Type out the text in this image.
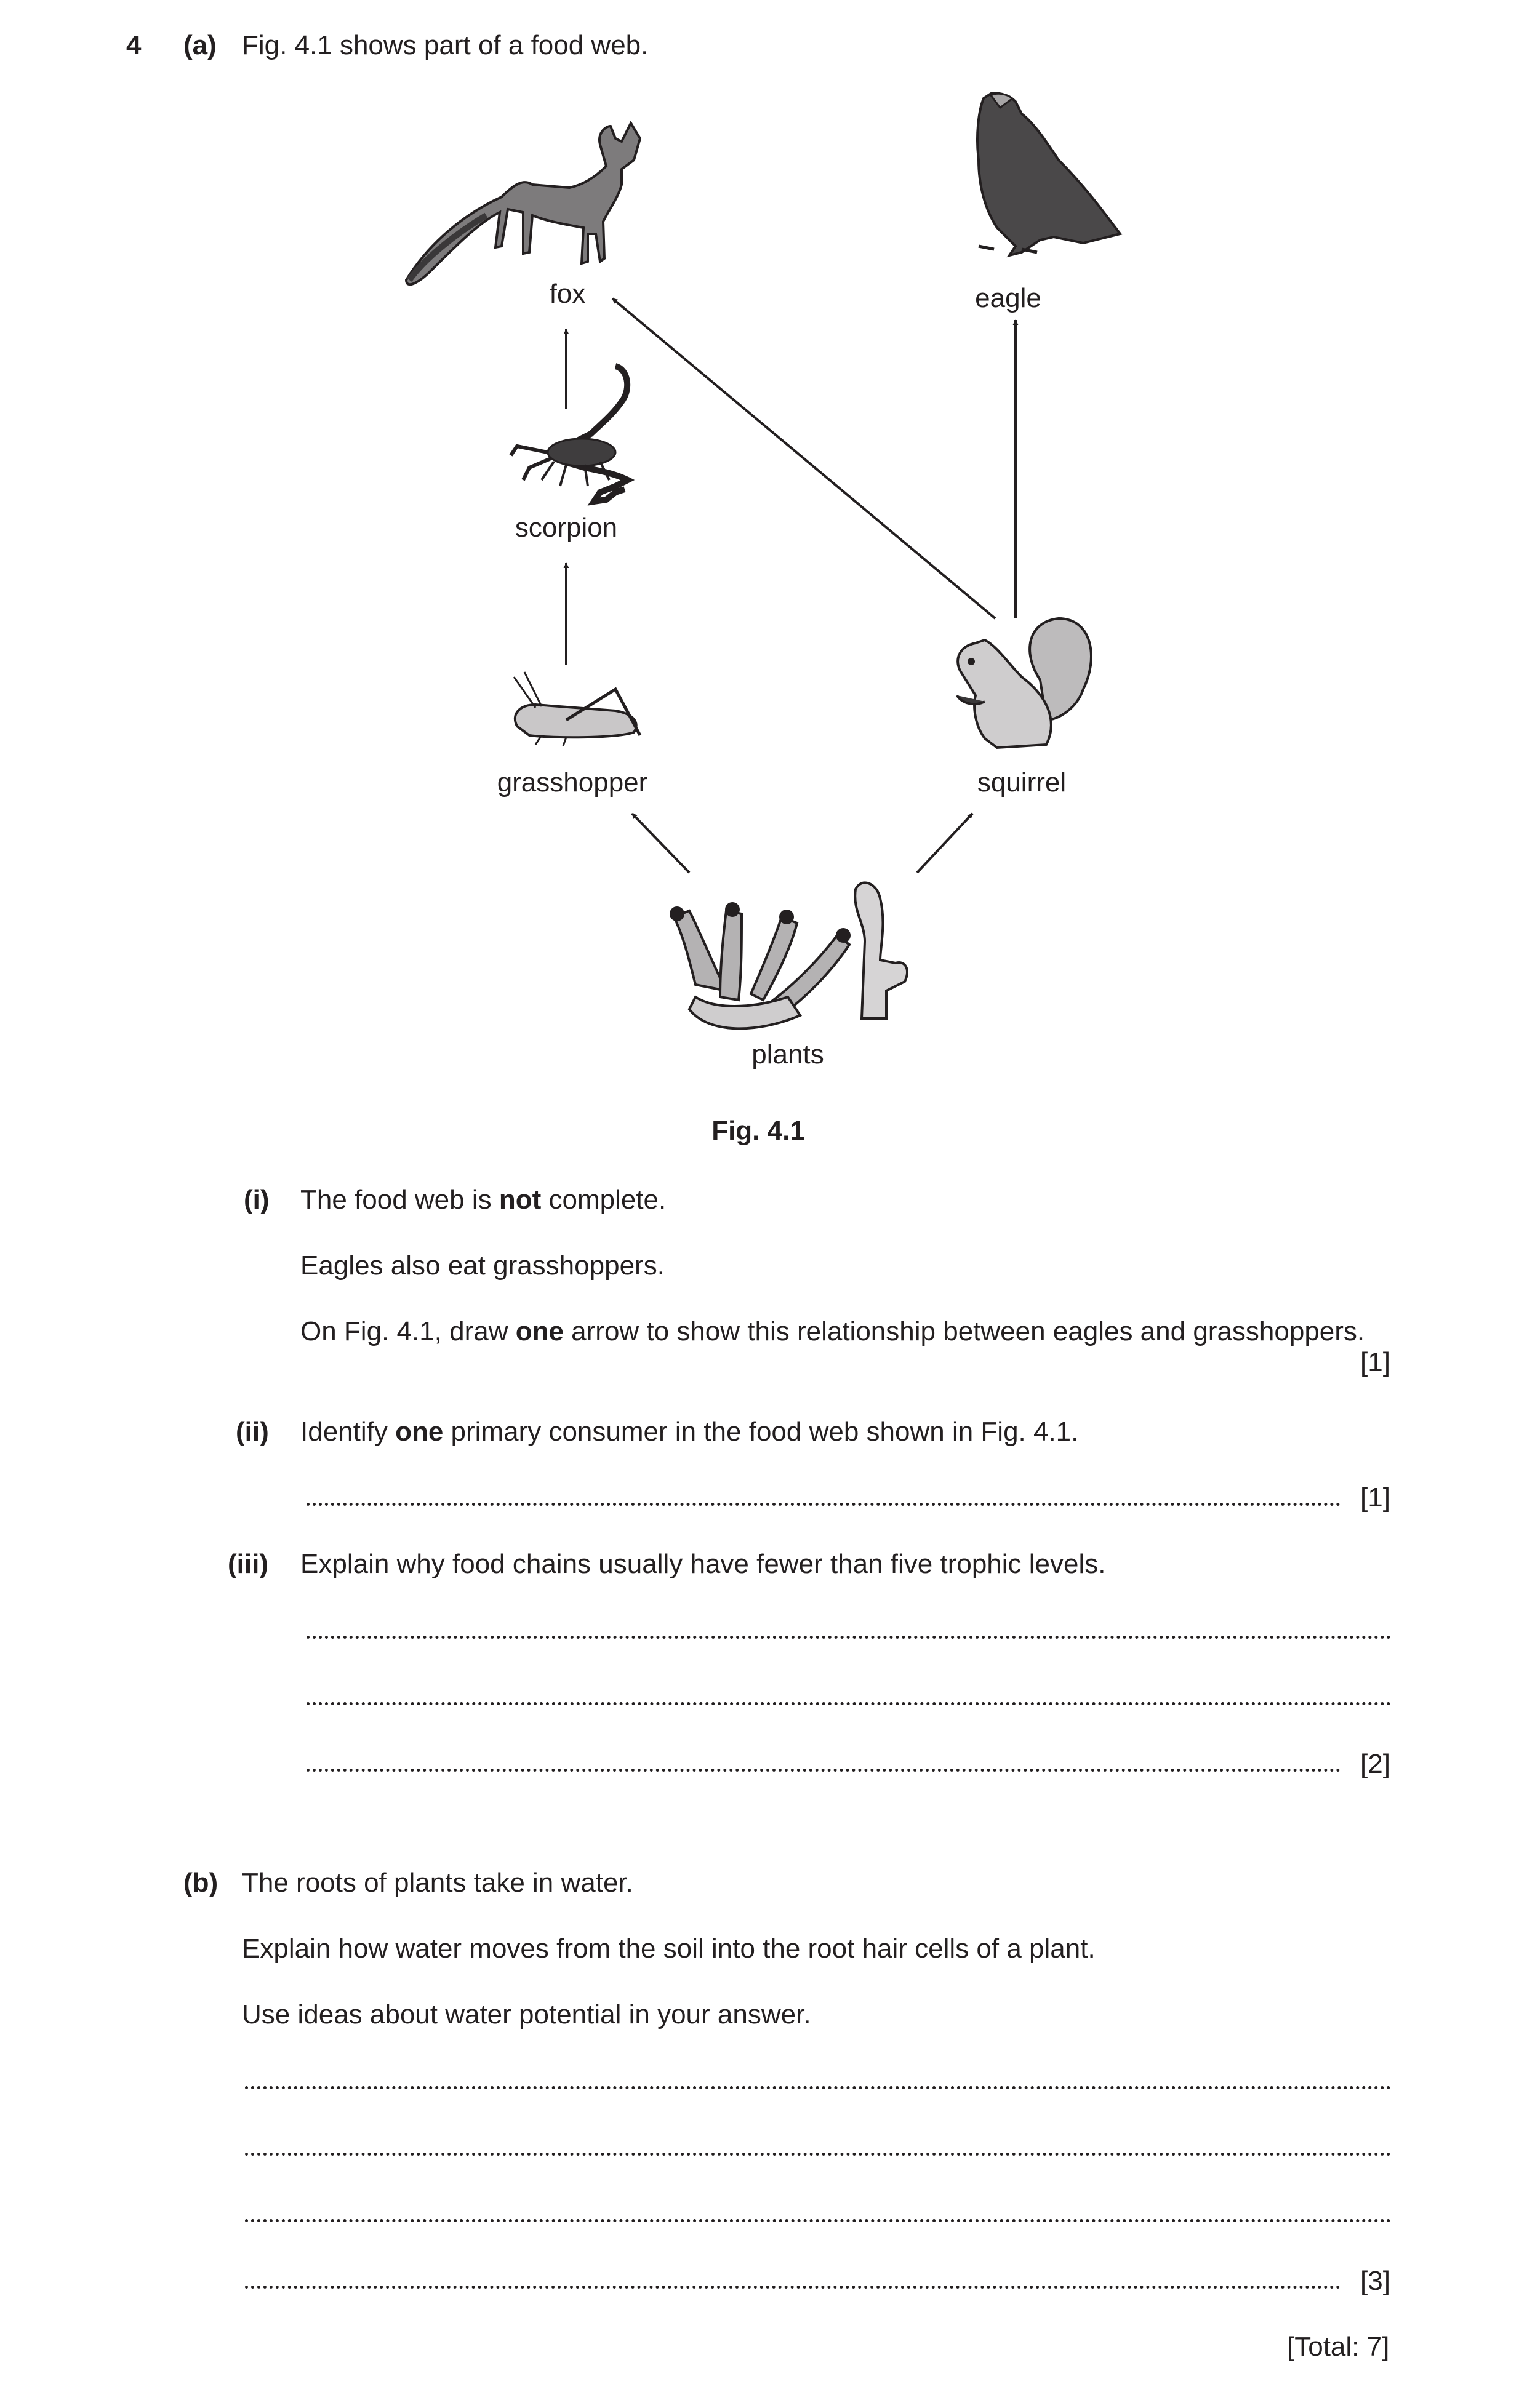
4 (a) Fig. 4.1 shows part of a food web.
fox	eagle
scorpion
grasshopper	squirrel
plants
Fig. 4.1
(i) The food web is not complete.
Eagles also eat grasshoppers.
On Fig. 4.1, draw one arrow to show this relationship between eagles and grasshoppers.
[1]
(ii) Identify one primary consumer in the food web shown in Fig. 4.1.
[1]
(iii) Explain why food chains usually have fewer than five trophic levels.
[2]
(b) The roots of plants take in water.
Explain how water moves from the soil into the root hair cells of a plant.
Use ideas about water potential in your answer.
[3]
[Total: 7]
